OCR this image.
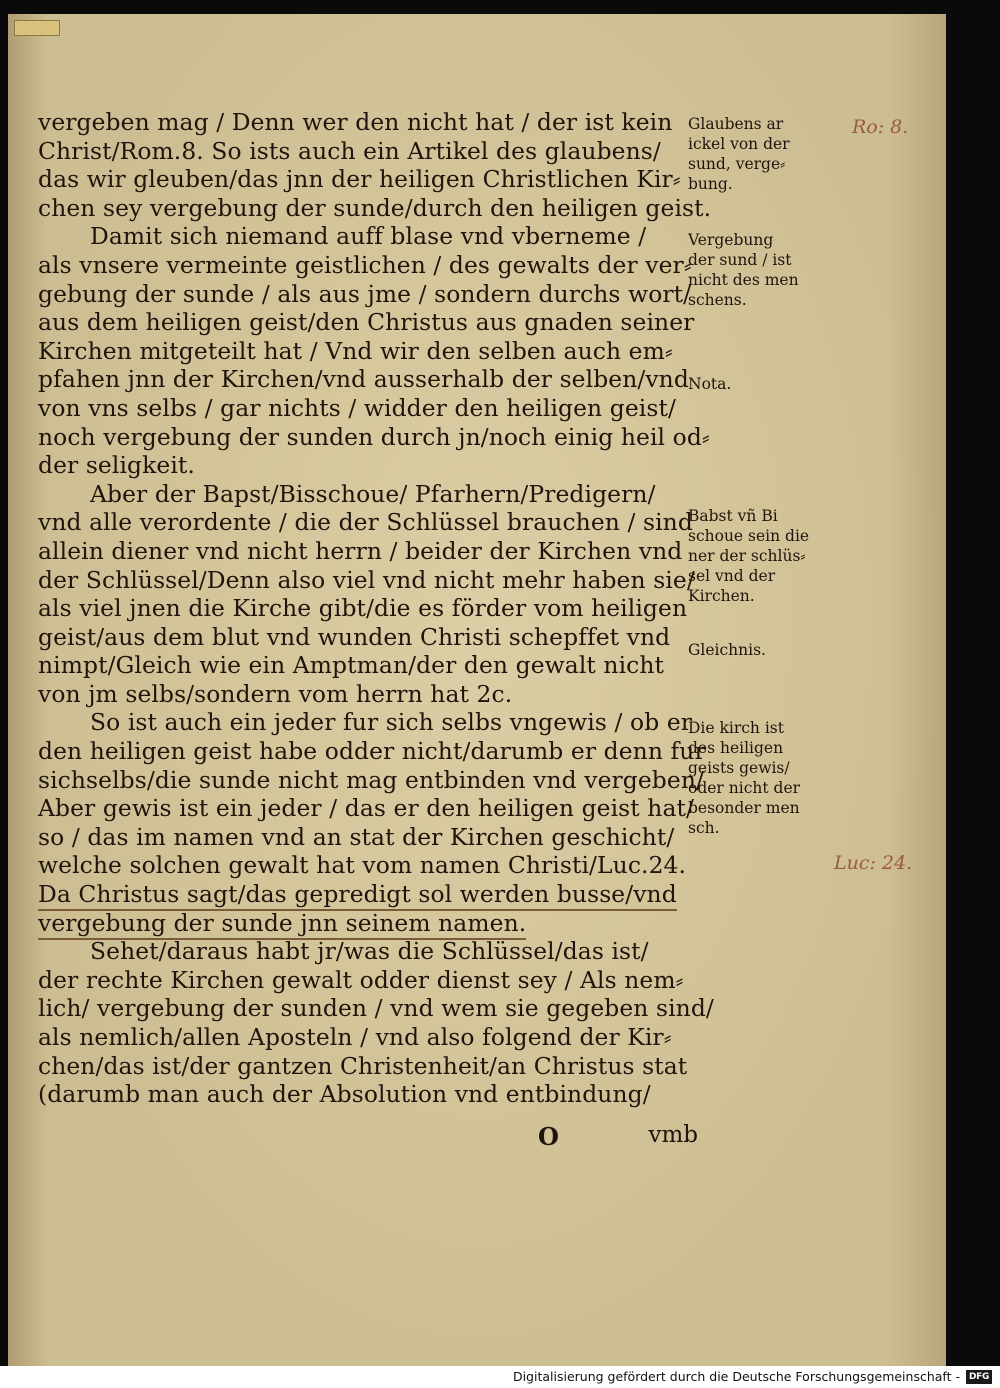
vergeben mag / Denn wer den nicht hat / der ist kein
Christ/Rom.8. So ists auch ein Artikel des glaubens/
das wir gleuben/das jnn der heiligen Christlichen Kir⸗
chen sey vergebung der sunde/durch den heiligen geist.
Damit sich niemand auff blase vnd vberneme /
als vnsere vermeinte geistlichen / des gewalts der ver⸗
gebung der sunde / als aus jme / sondern durchs wort/
aus dem heiligen geist/den Christus aus gnaden seiner
Kirchen mitgeteilt hat / Vnd wir den selben auch em⸗
pfahen jnn der Kirchen/vnd ausserhalb der selben/vnd
von vns selbs / gar nichts / widder den heiligen geist/
noch vergebung der sunden durch jn/noch einig heil od⸗
der seligkeit.
Aber der Bapst/Bisschoue/ Pfarhern/Predigern/
vnd alle verordente / die der Schlüssel brauchen / sind
allein diener vnd nicht herrn / beider der Kirchen vnd
der Schlüssel/Denn also viel vnd nicht mehr haben sie/
als viel jnen die Kirche gibt/die es förder vom heiligen
geist/aus dem blut vnd wunden Christi schepffet vnd
nimpt/Gleich wie ein Amptman/der den gewalt nicht
von jm selbs/sondern vom herrn hat 2c.
So ist auch ein jeder fur sich selbs vngewis / ob er
den heiligen geist habe odder nicht/darumb er denn fur
sichselbs/die sunde nicht mag entbinden vnd vergeben/
Aber gewis ist ein jeder / das er den heiligen geist hat/
so / das im namen vnd an stat der Kirchen geschicht/
welche solchen gewalt hat vom namen Christi/Luc.24.
Da Christus sagt/das gepredigt sol werden busse/vnd
vergebung der sunde jnn seinem namen.
Sehet/daraus habt jr/was die Schlüssel/das ist/
der rechte Kirchen gewalt odder dienst sey / Als nem⸗
lich/ vergebung der sunden / vnd wem sie gegeben sind/
als nemlich/allen Aposteln / vnd also folgend der Kir⸗
chen/das ist/der gantzen Christenheit/an Christus stat
(darumb man auch der Absolution vnd entbindung/
O	vmb
Glaubens ar
ickel von der
sund, verge⸗
bung.
Vergebung
der sund / ist
nicht des men
schens.
Nota.
Babst vñ Bi
schoue sein die
ner der schlüs⸗
sel vnd der
Kirchen.
Gleichnis.
Die kirch ist
des heiligen
geists gewis/
oder nicht der
besonder men
sch.
Ro: 8.
Luc: 24.
Digitalisierung gefördert durch die Deutsche Forschungsgemeinschaft - DFG
